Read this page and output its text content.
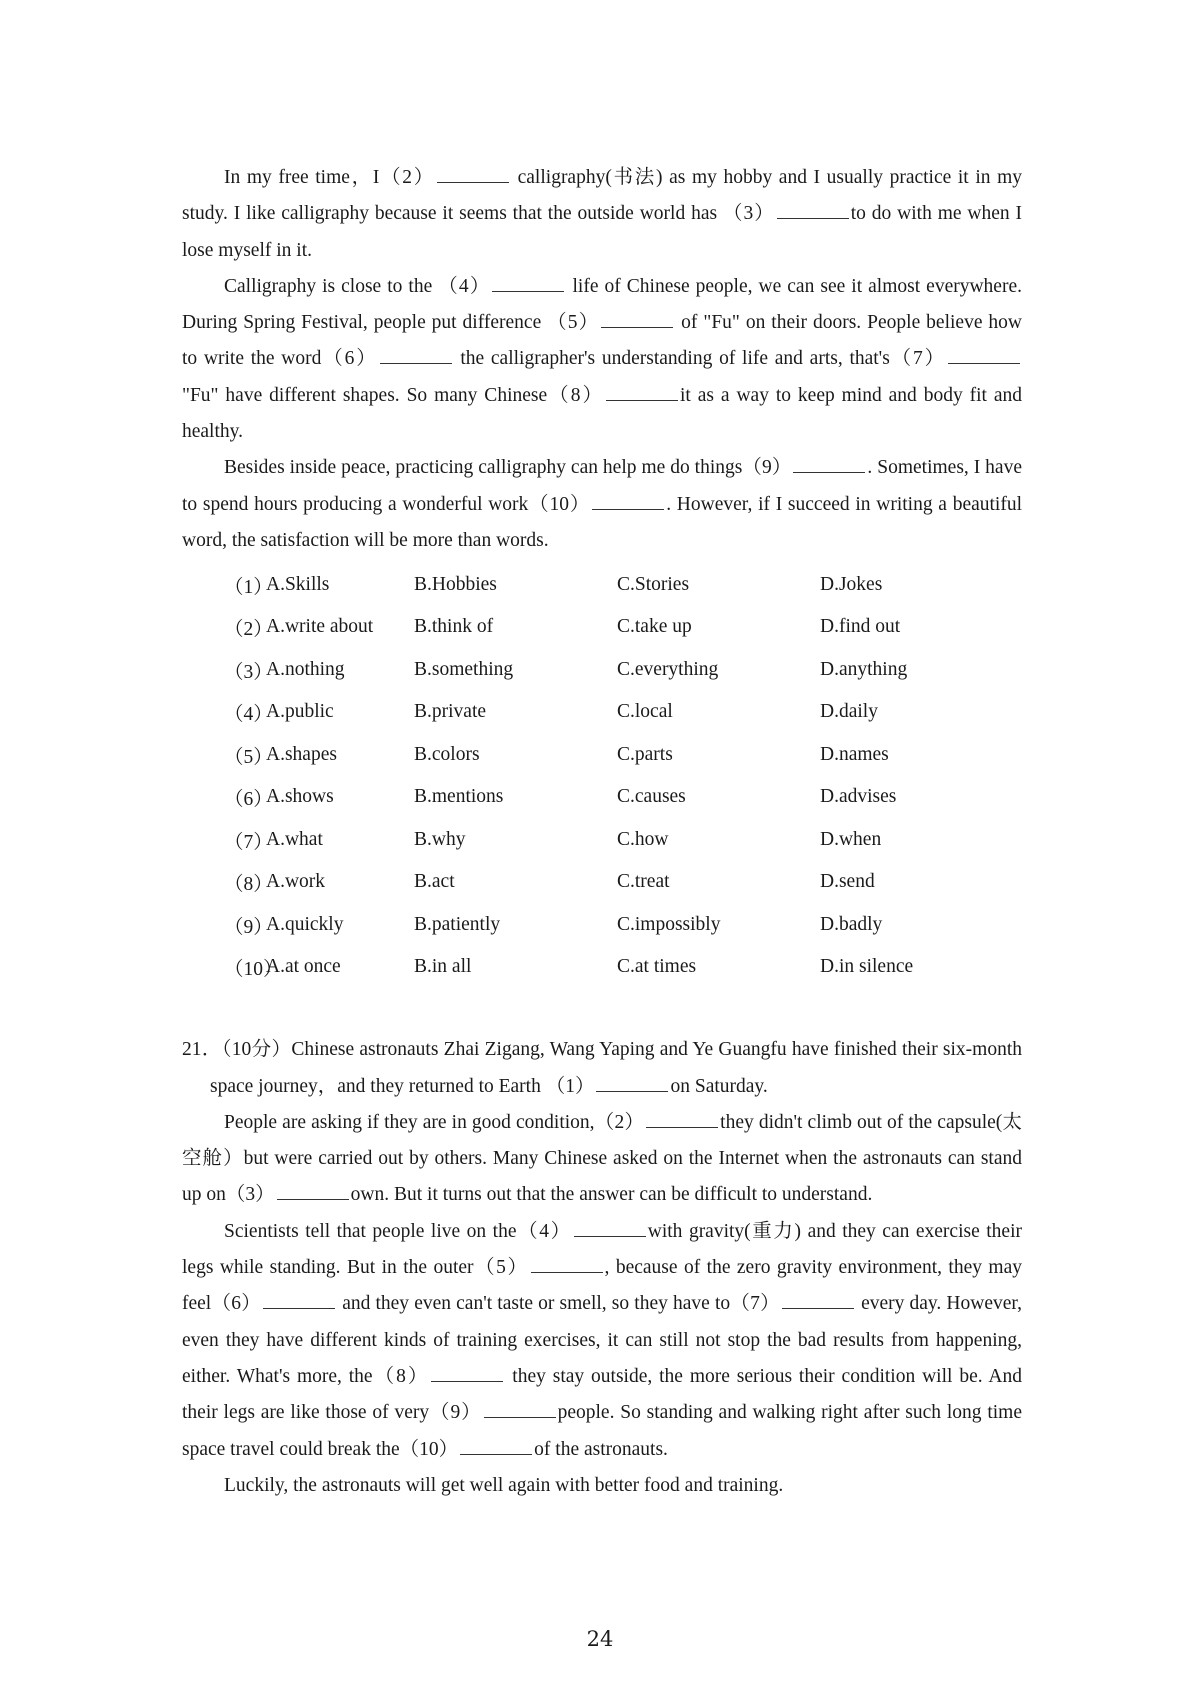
In my free time，I（2）	calligraphy(书法) as my hobby and I usually practice it in my study. I like calligraphy because it seems that the outside world has （3）	to do with me when I lose myself in it.

Calligraphy is close to the （4）	life of Chinese people, we can see it almost everywhere. During Spring Festival, people put difference （5）	of "Fu" on their doors. People believe how to write the word（6）	the calligrapher's understanding of life and arts, that's（7） "Fu" have different shapes. So many Chinese（8）	it as a way to keep mind and body fit and healthy.

Besides inside peace, practicing calligraphy can help me do things（9）	. Sometimes, I have to spend hours producing a wonderful work（10）	. However, if I succeed in writing a beautiful word, the satisfaction will be more than words.

（1）
A.Skills	B.Hobbies	C.Stories	D.Jokes
（2）
A.write about	B.think of	C.take up	D.find out
（3）
A.nothing	B.something	C.everything	D.anything
（4）
A.public	B.private	C.local	D.daily
（5）
A.shapes	B.colors	C.parts	D.names
（6）
A.shows	B.mentions	C.causes	D.advises
（7）
A.what	B.why	C.how	D.when
（8）
A.work	B.act	C.treat	D.send
（9）
A.quickly	B.patiently	C.impossibly	D.badly
（10）
A.at once	B.in all	C.at times	D.in silence

21．（10分）Chinese astronauts Zhai Zigang, Wang Yaping and Ye Guangfu have finished their six-month space journey，and they returned to Earth （1）	on Saturday.

People are asking if they are in good condition,（2）	they didn't climb out of the capsule(太空舱）but were carried out by others. Many Chinese asked on the Internet when the astronauts can stand up on（3）	own. But it turns out that the answer can be difficult to understand.

Scientists tell that people live on the（4）	with gravity(重力) and they can exercise their legs while standing. But in the outer（5）	, because of the zero gravity environment, they may feel（6）	and they even can't taste or smell, so they have to（7）	every day. However, even they have different kinds of training exercises, it can still not stop the bad results from happening, either. What's more, the（8）	they stay outside, the more serious their condition will be. And their legs are like those of very（9）	people. So standing and walking right after such long time space travel could break the（10）	of the astronauts.

Luckily, the astronauts will get well again with better food and training.

24
